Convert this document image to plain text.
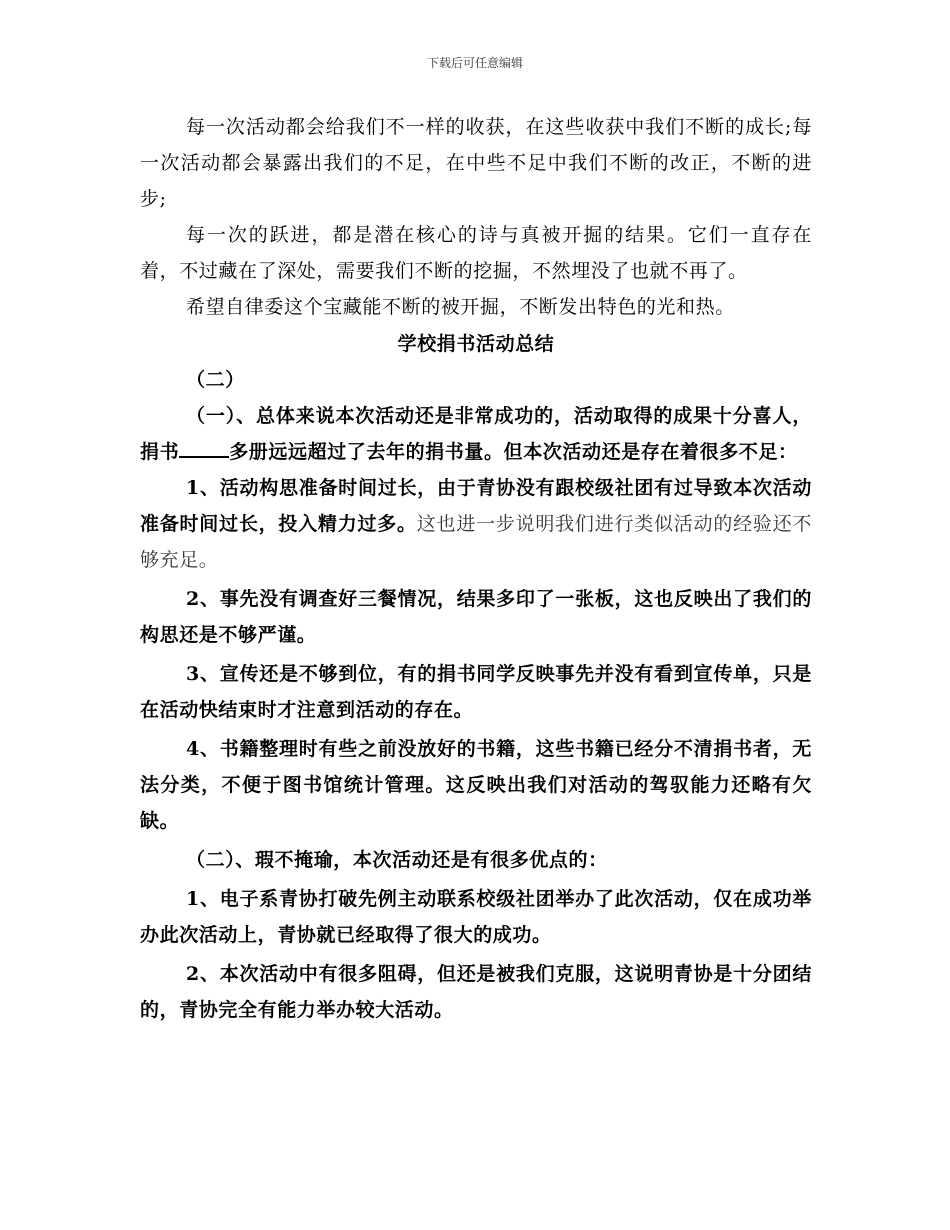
下载后可任意编辑

每一次活动都会给我们不一样的收获，在这些收获中我们不断的成长;每一次活动都会暴露出我们的不足，在中些不足中我们不断的改正，不断的进步;

每一次的跃进，都是潜在核心的诗与真被开掘的结果。它们一直存在着，不过藏在了深处，需要我们不断的挖掘，不然埋没了也就不再了。

希望自律委这个宝藏能不断的被开掘，不断发出特色的光和热。

学校捐书活动总结

（二）

（一）、总体来说本次活动还是非常成功的，活动取得的成果十分喜人，捐书	多册远远超过了去年的捐书量。但本次活动还是存在着很多不足：

1、活动构思准备时间过长，由于青协没有跟校级社团有过导致本次活动准备时间过长，投入精力过多。这也进一步说明我们进行类似活动的经验还不够充足。

2、事先没有调查好三餐情况，结果多印了一张板，这也反映出了我们的构思还是不够严谨。

3、宣传还是不够到位，有的捐书同学反映事先并没有看到宣传单，只是在活动快结束时才注意到活动的存在。

4、书籍整理时有些之前没放好的书籍，这些书籍已经分不清捐书者，无法分类，不便于图书馆统计管理。这反映出我们对活动的驾驭能力还略有欠缺。

（二）、瑕不掩瑜，本次活动还是有很多优点的：

1、电子系青协打破先例主动联系校级社团举办了此次活动，仅在成功举办此次活动上，青协就已经取得了很大的成功。

2、本次活动中有很多阻碍，但还是被我们克服，这说明青协是十分团结的，青协完全有能力举办较大活动。
